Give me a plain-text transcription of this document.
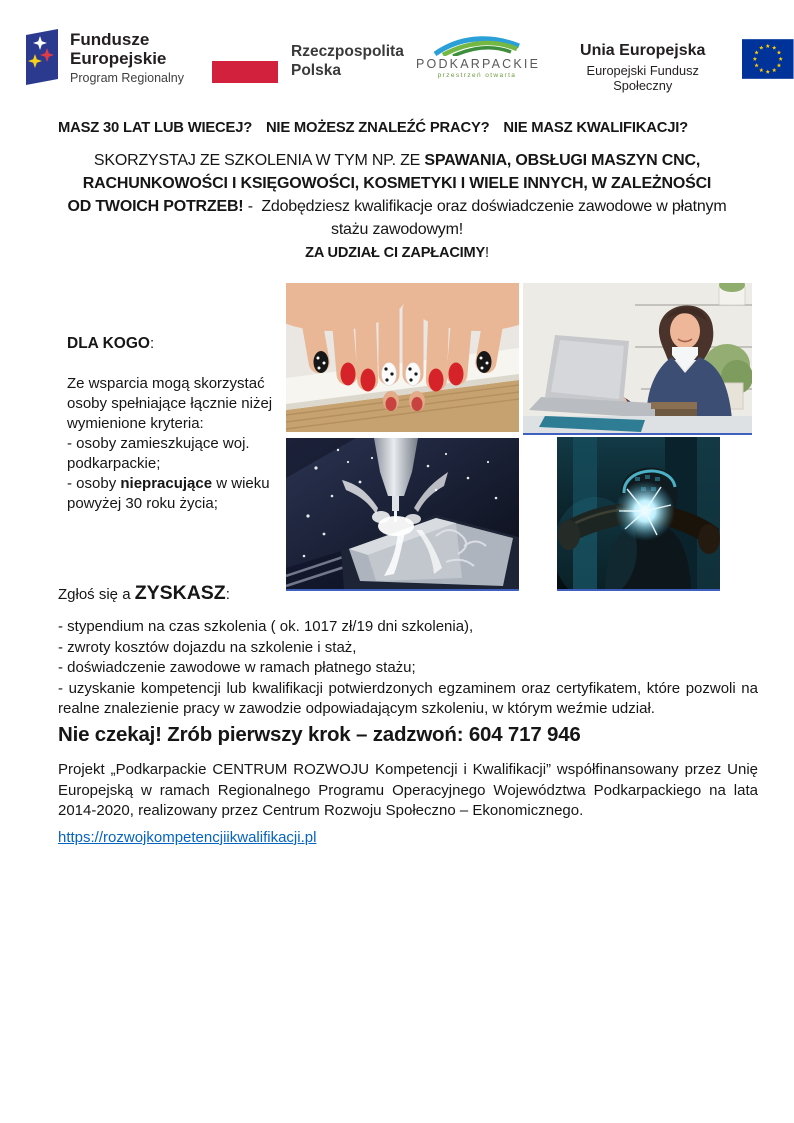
Fundusze
Europejskie
Program Regionalny
Rzeczpospolita
Polska	PODKARPACKIE
przestrzeń otwarta
Unia Europejska
Europejski Fundusz Społeczny
MASZ 30 LAT LUB WIECEJ? NIE MOŻESZ ZNALEŹĆ PRACY? NIE MASZ KWALIFIKACJI?
SKORZYSTAJ ZE SZKOLENIA W TYM NP. ZE SPAWANIA, OBSŁUGI MASZYN CNC,
RACHUNKOWOŚCI I KSIĘGOWOŚCI, KOSMETYKI I WIELE INNYCH, W ZALEŻNOŚCI
OD TWOICH POTRZEB! -  Zdobędziesz kwalifikacje oraz doświadczenie zawodowe w płatnym
stażu zawodowym!
ZA UDZIAŁ CI ZAPŁACIMY!
DLA KOGO:
Ze wsparcia mogą skorzystać osoby spełniające łącznie niżej wymienione kryteria:
- osoby zamieszkujące woj. podkarpackie;
- osoby niepracujące w wieku powyżej 30 roku życia;
Zgłoś się a ZYSKASZ:
- stypendium na czas szkolenia ( ok. 1017 zł/19 dni szkolenia),
- zwroty kosztów dojazdu na szkolenie i staż,
- doświadczenie zawodowe w ramach płatnego stażu;
- uzyskanie kompetencji lub kwalifikacji potwierdzonych egzaminem oraz certyfikatem, które pozwoli na realne znalezienie pracy w zawodzie odpowiadającym szkoleniu, w którym weźmie udział.
Nie czekaj! Zrób pierwszy krok – zadzwoń: 604 717 946
Projekt „Podkarpackie CENTRUM ROZWOJU Kompetencji i Kwalifikacji” współfinansowany przez Unię Europejską w ramach Regionalnego Programu Operacyjnego Województwa Podkarpackiego na lata 2014-2020, realizowany przez Centrum Rozwoju Społeczno – Ekonomicznego.
https://rozwojkompetencjiikwalifikacji.pl
